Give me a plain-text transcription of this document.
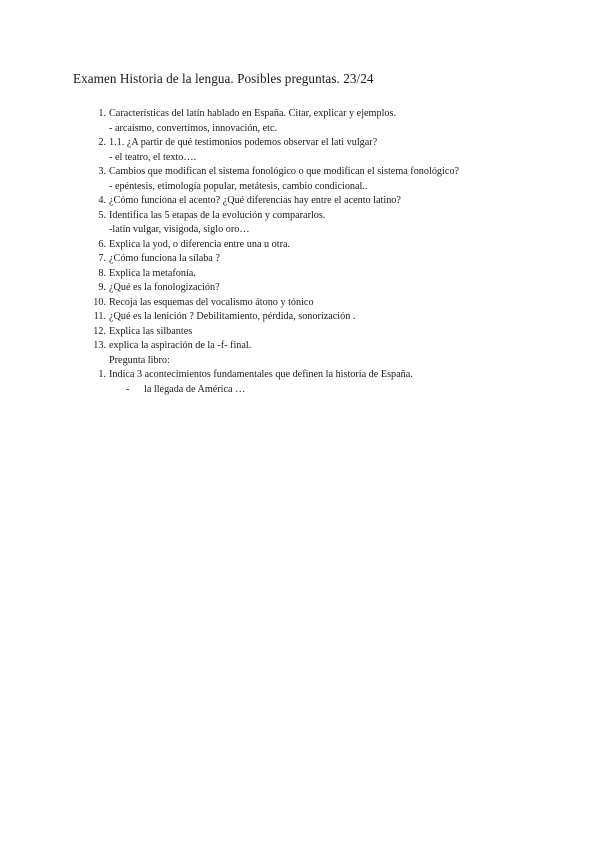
Examen Historia de la lengua. Posibles preguntas. 23/24
1. Características del latín hablado en España. Citar, explicar y ejemplos.
- arcaísmo, convertimos, innovación, etc.
2. 1.1. ¿A partir de qué testimonios podemos observar el lati vulgar?
- el teatro, el texto….
3. Cambios que modifican el sistema fonológico o que modifican el sistema fonológico?
- epéntesis, etimología popular, metátesis, cambio condicional..
4. ¿Cómo funciona el acento? ¿Qué diferencias hay entre el acento latino?
5. Identifica las 5 etapas de la evolución y compararlos.
-latín vulgar, visigoda, siglo oro…
6. Explica la yod, o diferencia entre una u otra.
7. ¿Cómo funciona la sílaba ?
8. Explica la metafonía.
9. ¿Qué es la fonologización?
10. Recoja las esquemas del vocalismo átono y tónico
11. ¿Qué es la lenición ? Debilitamiento, pérdida, sonorización .
12. Explica las silbantes
13. explica la aspiración de la -f- final.
Pregunta libro:
1. Indica 3 acontecimientos fundamentales que definen la historia de España.
- la llegada de América …
